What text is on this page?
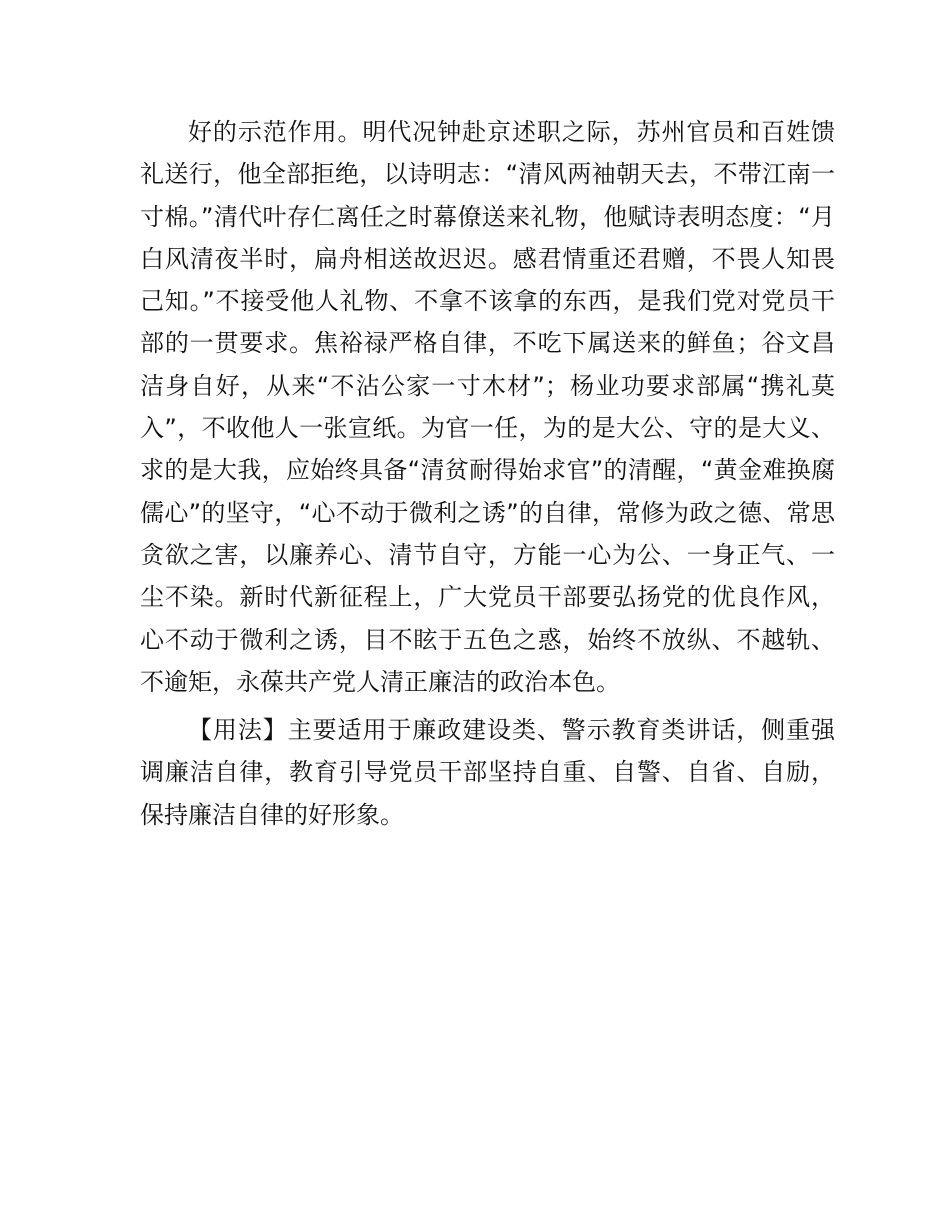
好的示范作用。明代况钟赴京述职之际，苏州官员和百姓馈礼送行，他全部拒绝，以诗明志：“清风两袖朝天去，不带江南一寸棉。”清代叶存仁离任之时幕僚送来礼物，他赋诗表明态度：“月白风清夜半时，扁舟相送故迟迟。感君情重还君赠，不畏人知畏己知。”不接受他人礼物、不拿不该拿的东西，是我们党对党员干部的一贯要求。焦裕禄严格自律，不吃下属送来的鲜鱼；谷文昌洁身自好，从来“不沾公家一寸木材”；杨业功要求部属“携礼莫入”，不收他人一张宣纸。为官一任，为的是大公、守的是大义、求的是大我，应始终具备“清贫耐得始求官”的清醒，“黄金难换腐儒心”的坚守，“心不动于微利之诱”的自律，常修为政之德、常思贪欲之害，以廉养心、清节自守，方能一心为公、一身正气、一尘不染。新时代新征程上，广大党员干部要弘扬党的优良作风，心不动于微利之诱，目不眩于五色之惑，始终不放纵、不越轨、不逾矩，永葆共产党人清正廉洁的政治本色。

【用法】主要适用于廉政建设类、警示教育类讲话，侧重强调廉洁自律，教育引导党员干部坚持自重、自警、自省、自励，保持廉洁自律的好形象。
